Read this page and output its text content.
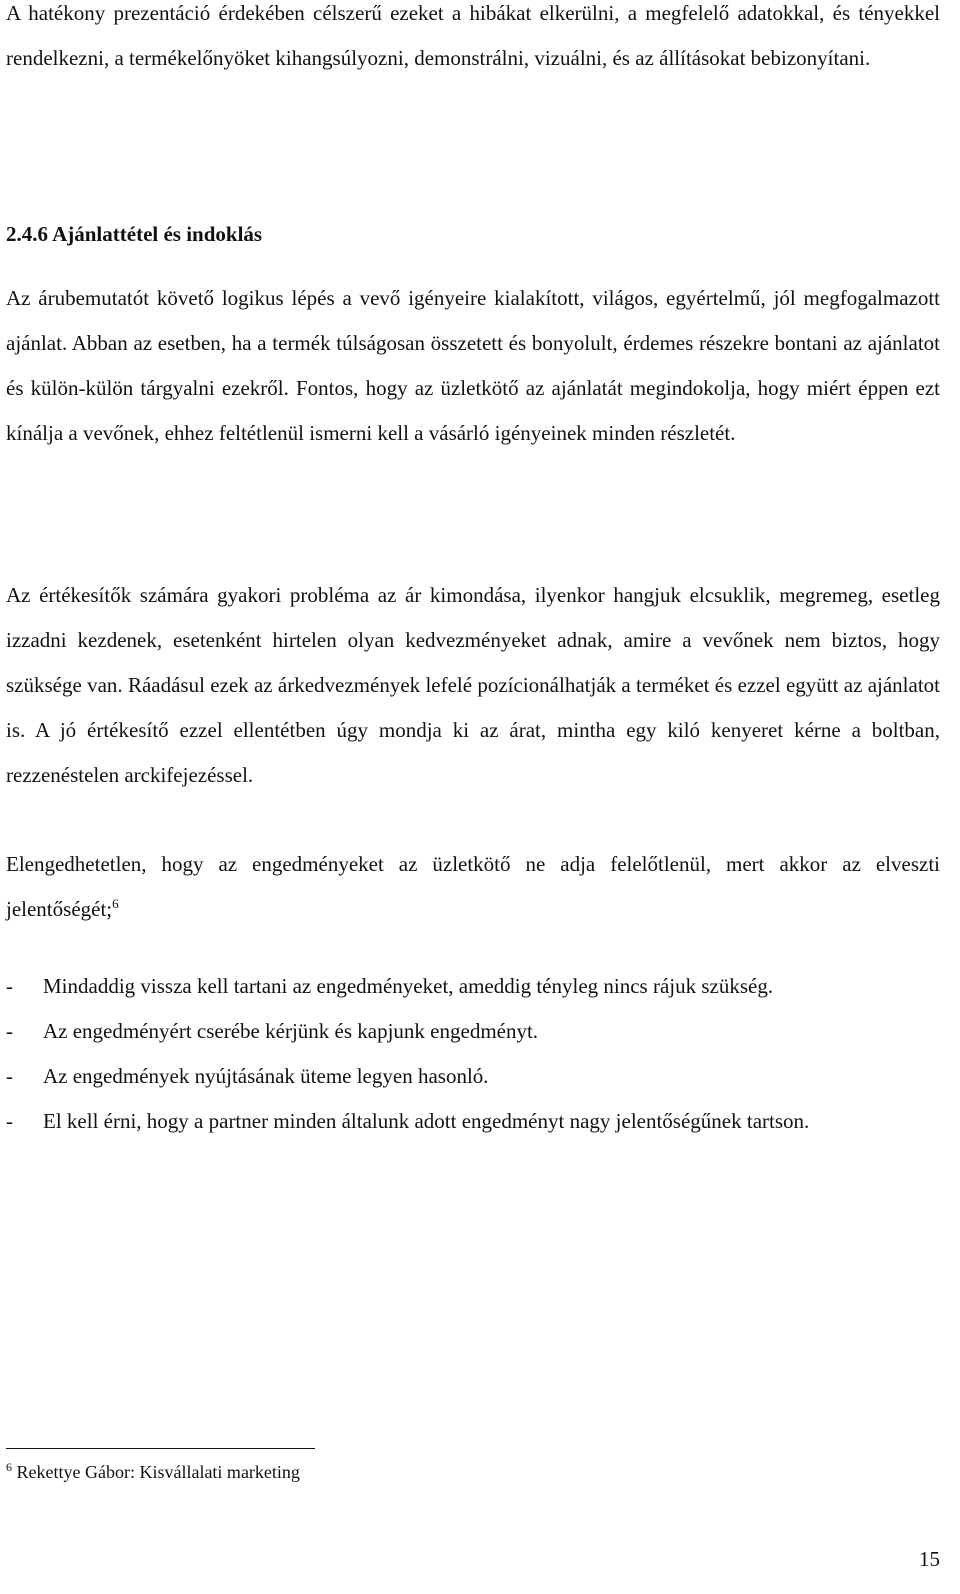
A hatékony prezentáció érdekében célszerű ezeket a hibákat elkerülni, a megfelelő adatokkal, és tényekkel rendelkezni, a termékelőnyöket kihangsúlyozni, demonstrálni, vizuálni, és az állításokat bebizonyítani.

2.4.6 Ajánlattétel és indoklás

Az árubemutatót követő logikus lépés a vevő igényeire kialakított, világos, egyértelmű, jól megfogalmazott ajánlat. Abban az esetben, ha a termék túlságosan összetett és bonyolult, érdemes részekre bontani az ajánlatot és külön-külön tárgyalni ezekről. Fontos, hogy az üzletkötő az ajánlatát megindokolja, hogy miért éppen ezt kínálja a vevőnek, ehhez feltétlenül ismerni kell a vásárló igényeinek minden részletét.

Az értékesítők számára gyakori probléma az ár kimondása, ilyenkor hangjuk elcsuklik, megremeg, esetleg izzadni kezdenek, esetenként hirtelen olyan kedvezményeket adnak, amire a vevőnek nem biztos, hogy szüksége van. Ráadásul ezek az árkedvezmények lefelé pozícionálhatják a terméket és ezzel együtt az ajánlatot is. A jó értékesítő ezzel ellentétben úgy mondja ki az árat, mintha egy kiló kenyeret kérne a boltban, rezzenéstelen arckifejezéssel.

Elengedhetetlen, hogy az engedményeket az üzletkötő ne adja felelőtlenül, mert akkor az elveszti jelentőségét;$^6$

- Mindaddig vissza kell tartani az engedményeket, ameddig tényleg nincs rájuk szükség.
- Az engedményért cserébe kérjünk és kapjunk engedményt.
- Az engedmények nyújtásának üteme legyen hasonló.
- El kell érni, hogy a partner minden általunk adott engedményt nagy jelentőségűnek tartson.

$^6$ Rekettye Gábor: Kisvállalati marketing

15
